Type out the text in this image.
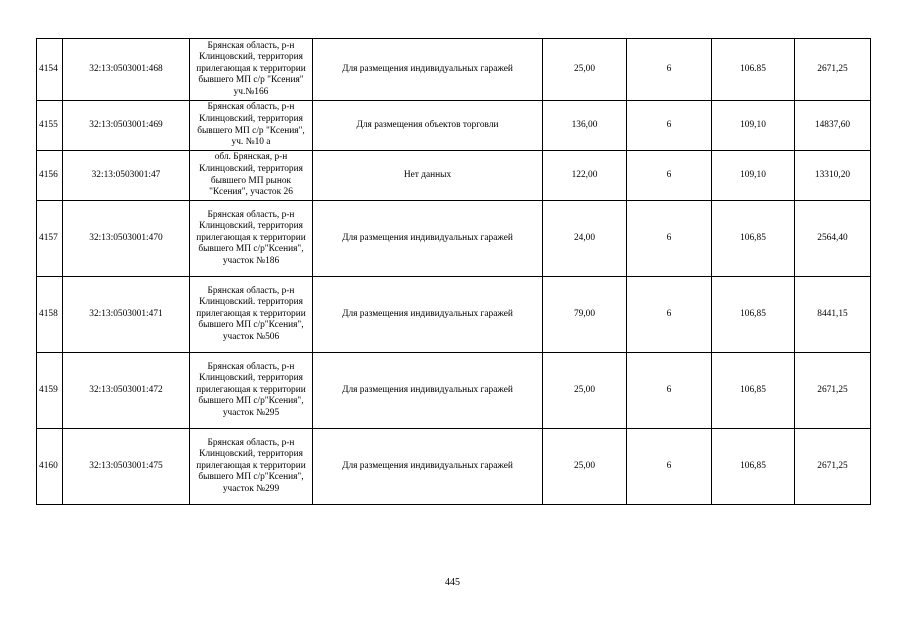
4154	32:13:0503001:468	Брянская область, р-н Клинцовский, территория прилегающая к территории бывшего МП с/р "Ксения" уч.№166	Для размещения индивидуальных гаражей	25,00	6	106.85	2671,25
4155	32:13:0503001:469	Брянская область, р-н Клинцовский, территория бывшего МП с/р "Ксения", уч. №10 а	Для размещения объектов торговли	136,00	6	109,10	14837,60
4156	32:13:0503001:47	обл. Брянская, р-н Клинцовский, территория бывшего МП рынок "Ксения", участок 26	Нет данных	122,00	6	109,10	13310,20
4157	32:13:0503001:470	Брянская область, р-н Клинцовский, территория прилегающая к территории бывшего МП с/р"Ксения", участок №186	Для размещения индивидуальных гаражей	24,00	6	106,85	2564,40
4158	32:13:0503001:471	Брянская область, р-н Клинцовский. территория прилегающая к территории бывшего МП с/р"Ксения", участок №506	Для размещения индивидуальных гаражей	79,00	6	106,85	8441,15
4159	32:13:0503001:472	Брянская область, р-н Клинцовский, территория прилегающая к территории бывшего МП с/р"Ксения", участок №295	Для размещения индивидуальных гаражей	25,00	6	106,85	2671,25
4160	32:13:0503001:475	Брянская область, р-н Клинцовский, территория прилегающая к территории бывшего МП с/р"Ксения", участок №299	Для размещения индивидуальных гаражей	25,00	6	106,85	2671,25
445
